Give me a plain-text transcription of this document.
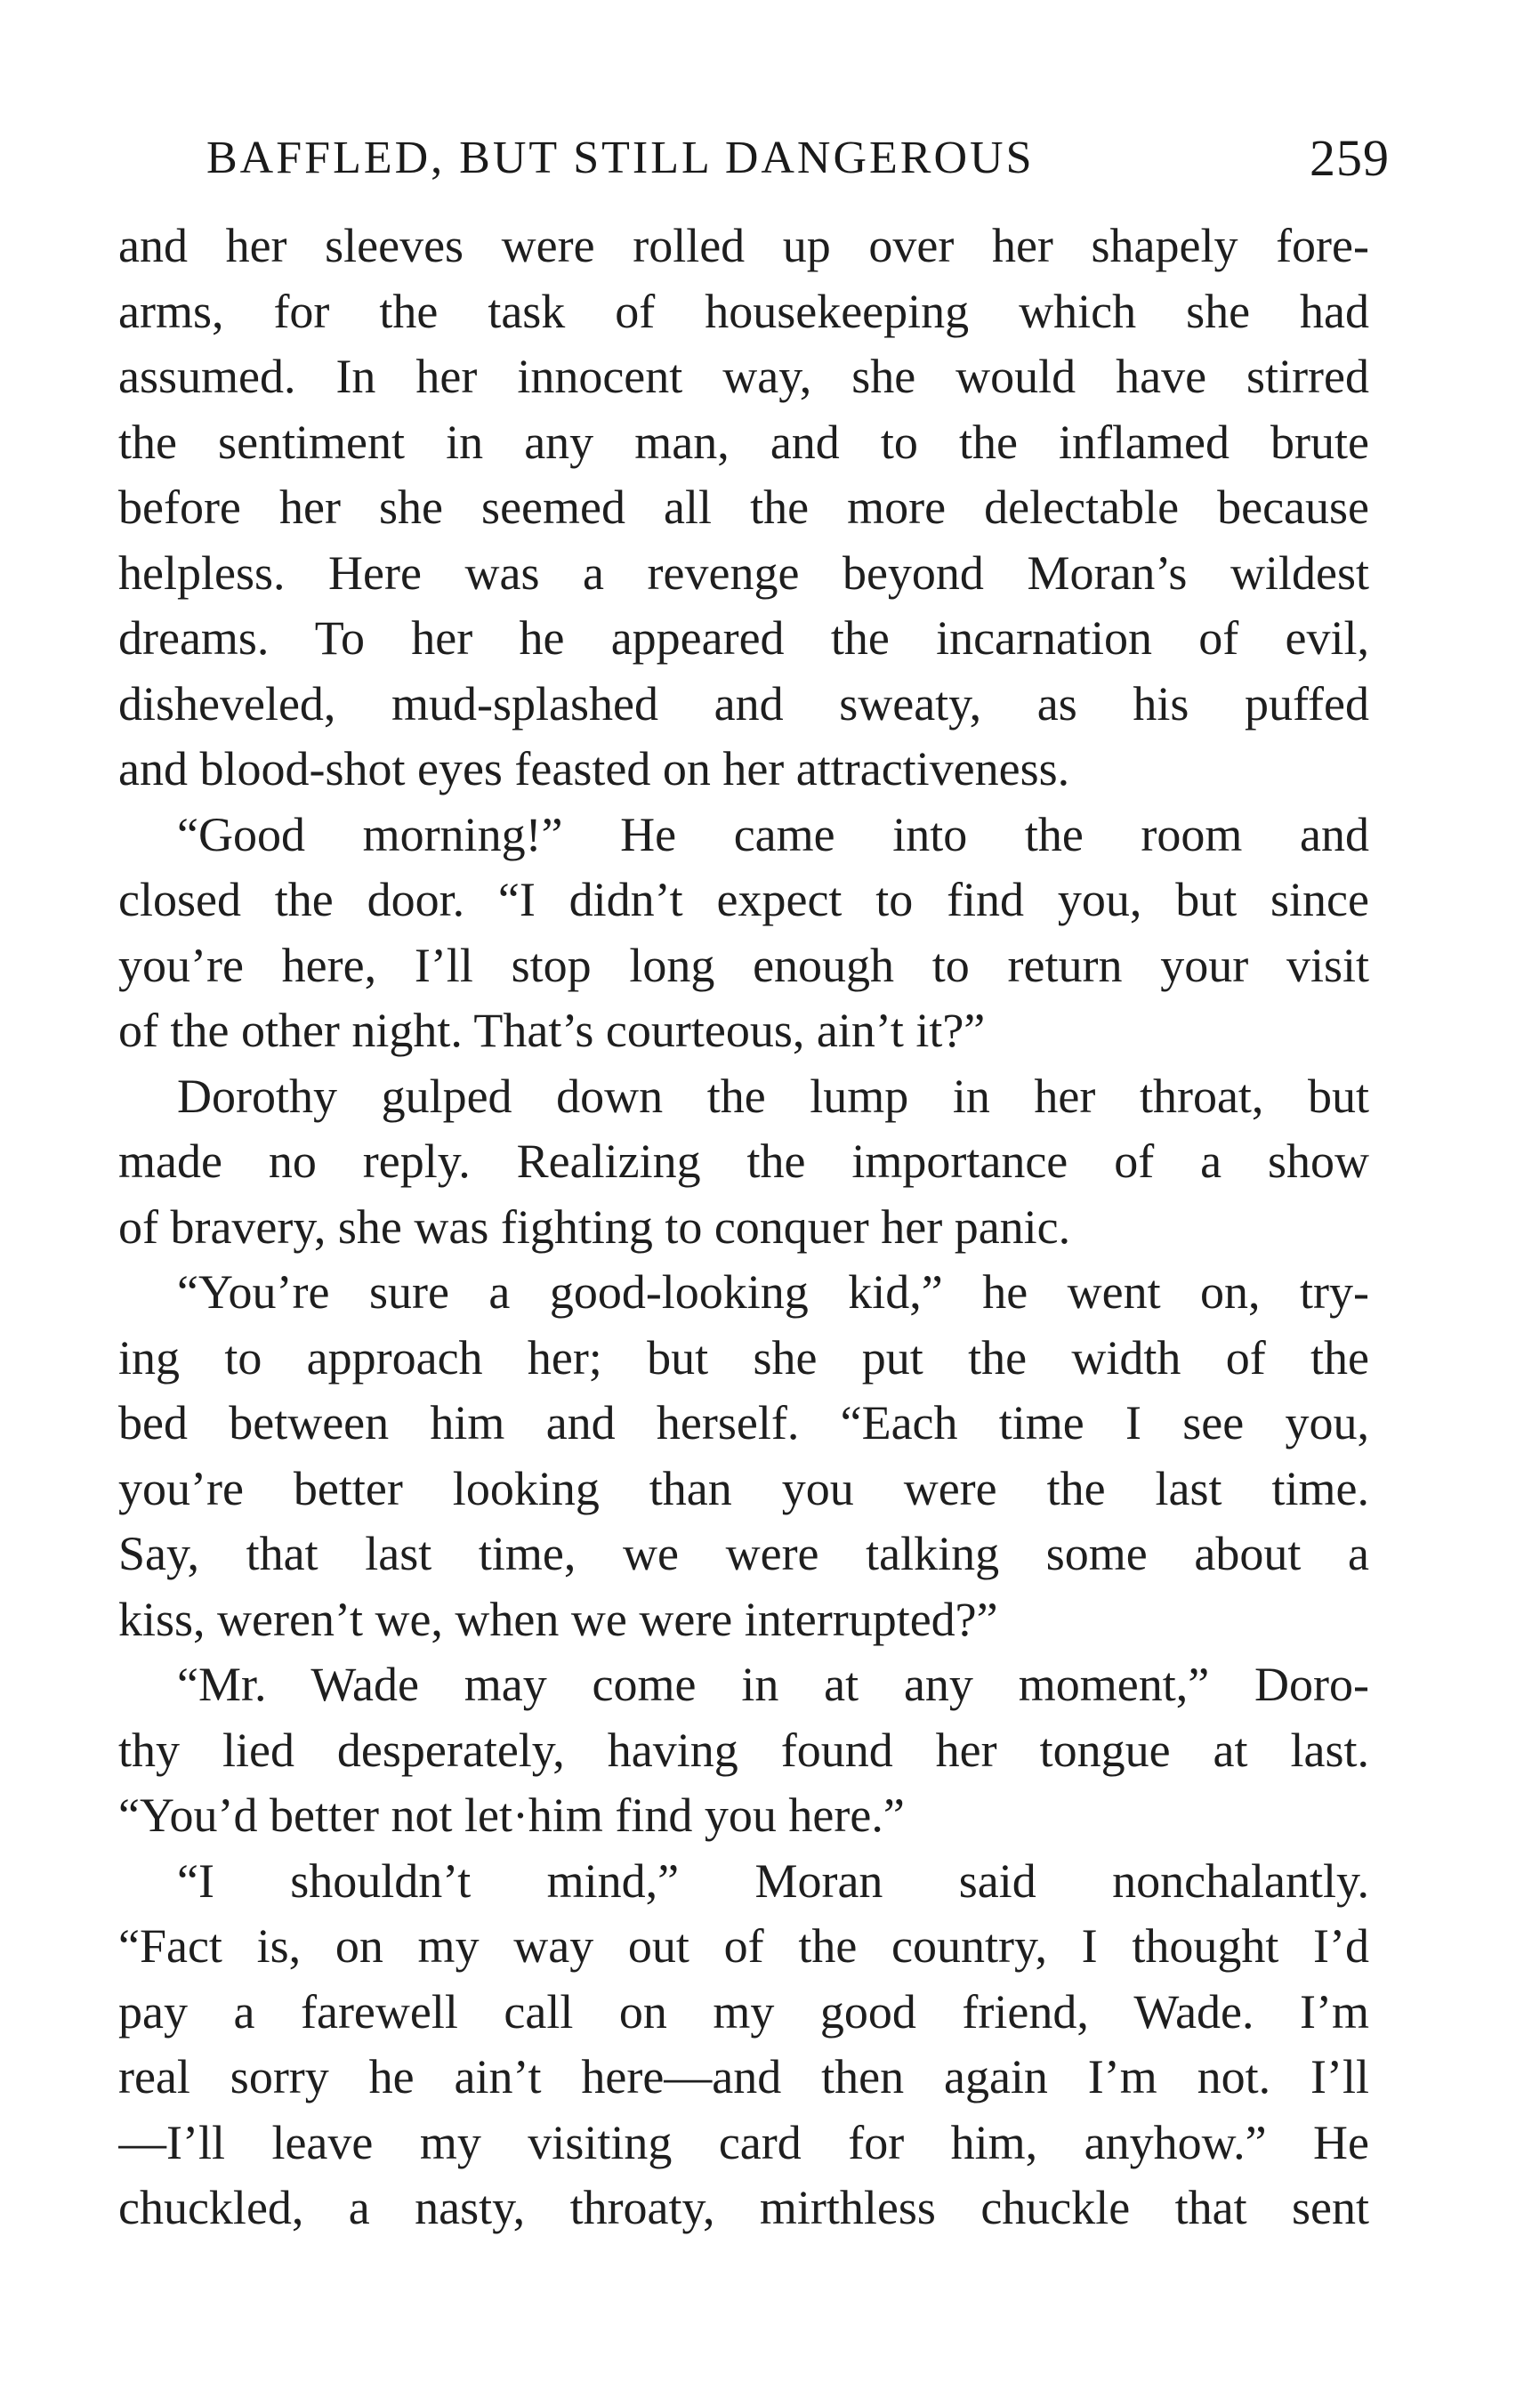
BAFFLED, BUT STILL DANGEROUS	259
and her sleeves were rolled up over her shapely fore-
arms, for the task of housekeeping which she had
assumed. In her innocent way, she would have stirred
the sentiment in any man, and to the inflamed brute
before her she seemed all the more delectable because
helpless. Here was a revenge beyond Moran’s wildest
dreams. To her he appeared the incarnation of evil,
disheveled, mud-splashed and sweaty, as his puffed
and blood-shot eyes feasted on her attractiveness.
“Good morning!” He came into the room and
closed the door. “I didn’t expect to find you, but since
you’re here, I’ll stop long enough to return your visit
of the other night. That’s courteous, ain’t it?”
Dorothy gulped down the lump in her throat, but
made no reply. Realizing the importance of a show
of bravery, she was fighting to conquer her panic.
“You’re sure a good-looking kid,” he went on, try-
ing to approach her; but she put the width of the
bed between him and herself. “Each time I see you,
you’re better looking than you were the last time.
Say, that last time, we were talking some about a
kiss, weren’t we, when we were interrupted?”
“Mr. Wade may come in at any moment,” Doro-
thy lied desperately, having found her tongue at last.
“You’d better not let·him find you here.”
“I shouldn’t mind,” Moran said nonchalantly.
“Fact is, on my way out of the country, I thought I’d
pay a farewell call on my good friend, Wade. I’m
real sorry he ain’t here—and then again I’m not. I’ll
—I’ll leave my visiting card for him, anyhow.” He
chuckled, a nasty, throaty, mirthless chuckle that sent
